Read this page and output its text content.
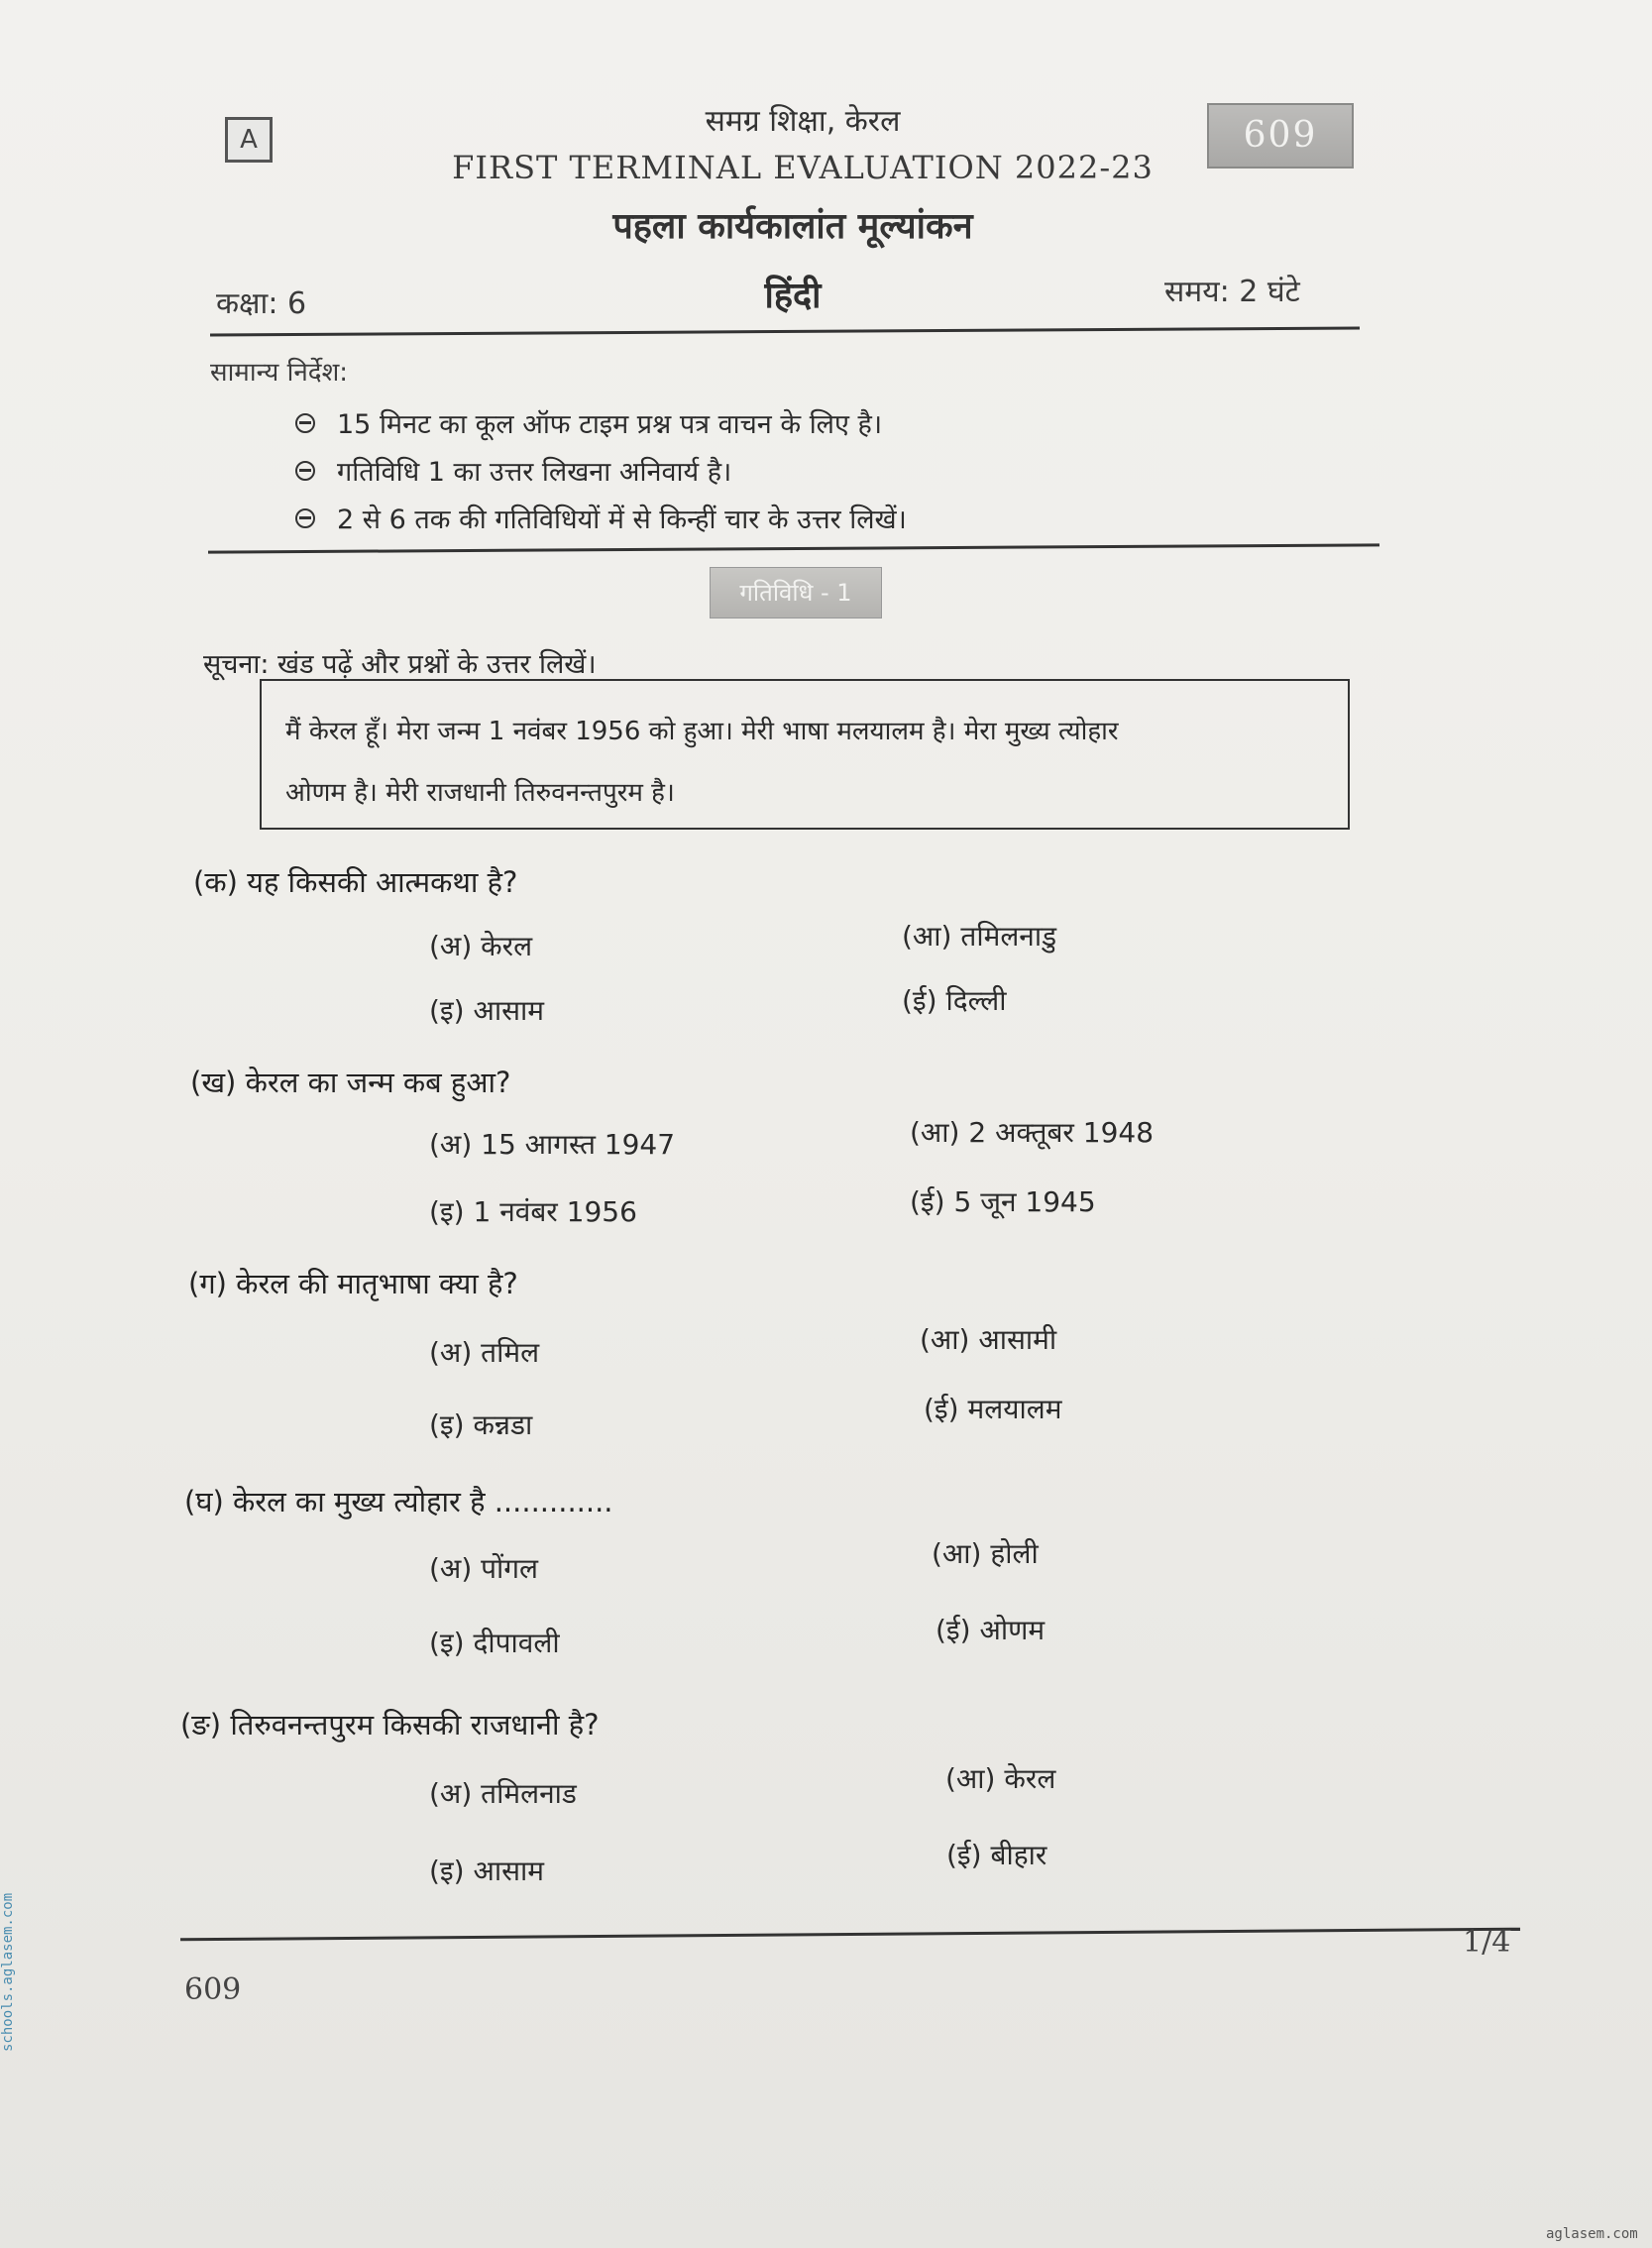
A	609
समग्र शिक्षा, केरल
FIRST TERMINAL EVALUATION 2022-23
पहला कार्यकालांत मूल्यांकन
कक्षा: 6	हिंदी	समय: 2 घंटे
सामान्य निर्देश:
15 मिनट का कूल ऑफ टाइम प्रश्न पत्र वाचन के लिए है।
गतिविधि 1 का उत्तर लिखना अनिवार्य है।
2 से 6 तक की गतिविधियों में से किन्हीं चार के उत्तर लिखें।
गतिविधि - 1
सूचना: खंड पढ़ें और प्रश्नों के उत्तर लिखें।
मैं केरल हूँ। मेरा जन्म 1 नवंबर 1956 को हुआ। मेरी भाषा मलयालम है। मेरा मुख्य त्योहार
ओणम है। मेरी राजधानी तिरुवनन्तपुरम है।
(क) यह किसकी आत्मकथा है?
(अ) केरल	(आ) तमिलनाडु
(इ) आसाम	(ई) दिल्ली
(ख) केरल का जन्म कब हुआ?
(अ) 15 आगस्त 1947	(आ) 2 अक्तूबर 1948
(इ) 1 नवंबर 1956	(ई) 5 जून 1945
(ग) केरल की मातृभाषा क्या है?
(अ) तमिल	(आ) आसामी
(इ) कन्नडा	(ई) मलयालम
(घ) केरल का मुख्य त्योहार है .............
(अ) पोंगल	(आ) होली
(इ) दीपावली	(ई) ओणम
(ङ) तिरुवनन्तपुरम किसकी राजधानी है?
(अ) तमिलनाड	(आ) केरल
(इ) आसाम	(ई) बीहार
609
1/4
schools.aglasem.com
aglasem.com
